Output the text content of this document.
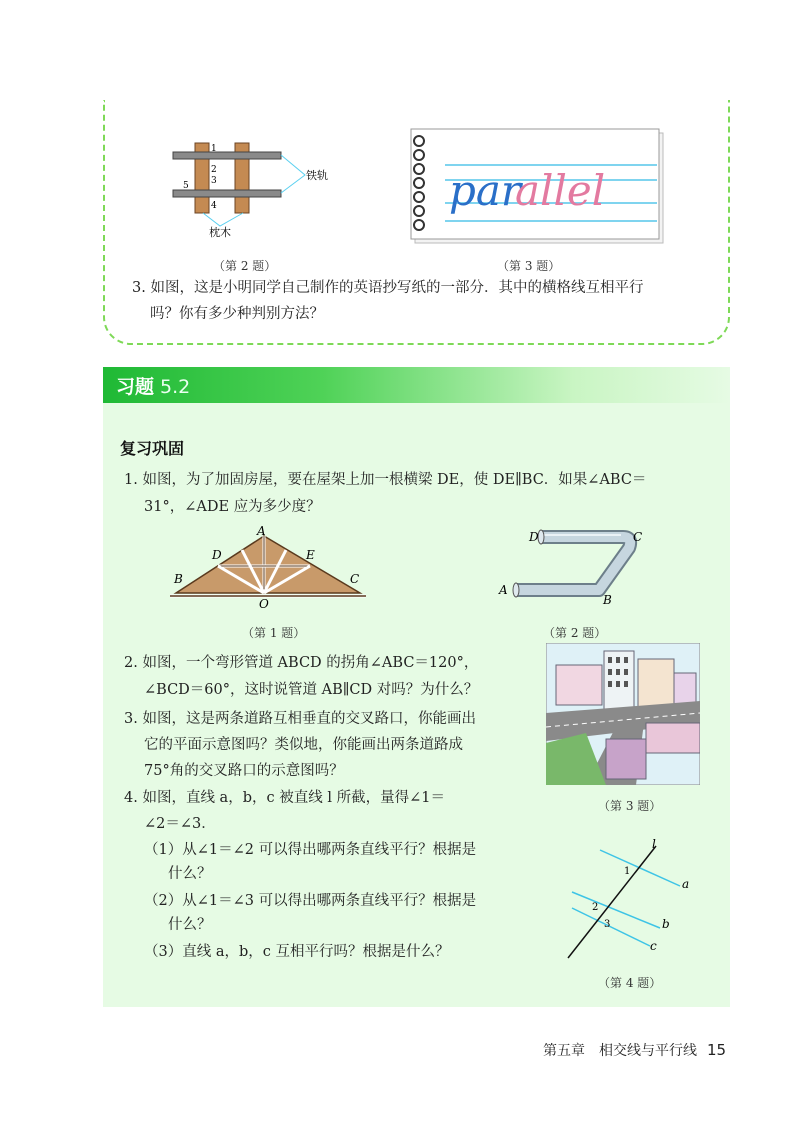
1
2
3
4
5
铁轨
枕木
（第 2 题）
par
allel
（第 3 题）
3. 如图，这是小明同学自己制作的英语抄写纸的一部分．其中的横格线互相平行
吗？你有多少种判别方法？
习题 5.2
复习巩固
1. 如图，为了加固房屋，要在屋架上加一根横梁 DE，使 DE∥BC．如果∠ABC＝
31°，∠ADE 应为多少度？
A
D	E
B	C
O
（第 1 题）
D	C
A
B
（第 2 题）
2. 如图，一个弯形管道 ABCD 的拐角∠ABC＝120°，
∠BCD＝60°，这时说管道 AB∥CD 对吗？为什么？
（第 3 题）
3. 如图，这是两条道路互相垂直的交叉路口，你能画出
它的平面示意图吗？类似地，你能画出两条道路成
75°角的交叉路口的示意图吗？
4. 如图，直线 a，b，c 被直线 l 所截，量得∠1＝
∠2＝∠3．
（1）从∠1＝∠2 可以得出哪两条直线平行？根据是
什么？
（2）从∠1＝∠3 可以得出哪两条直线平行？根据是
什么？
（3）直线 a，b，c 互相平行吗？根据是什么？
l
1
a
2
3	b
c
（第 4 题）
第五章　相交线与平行线 15
